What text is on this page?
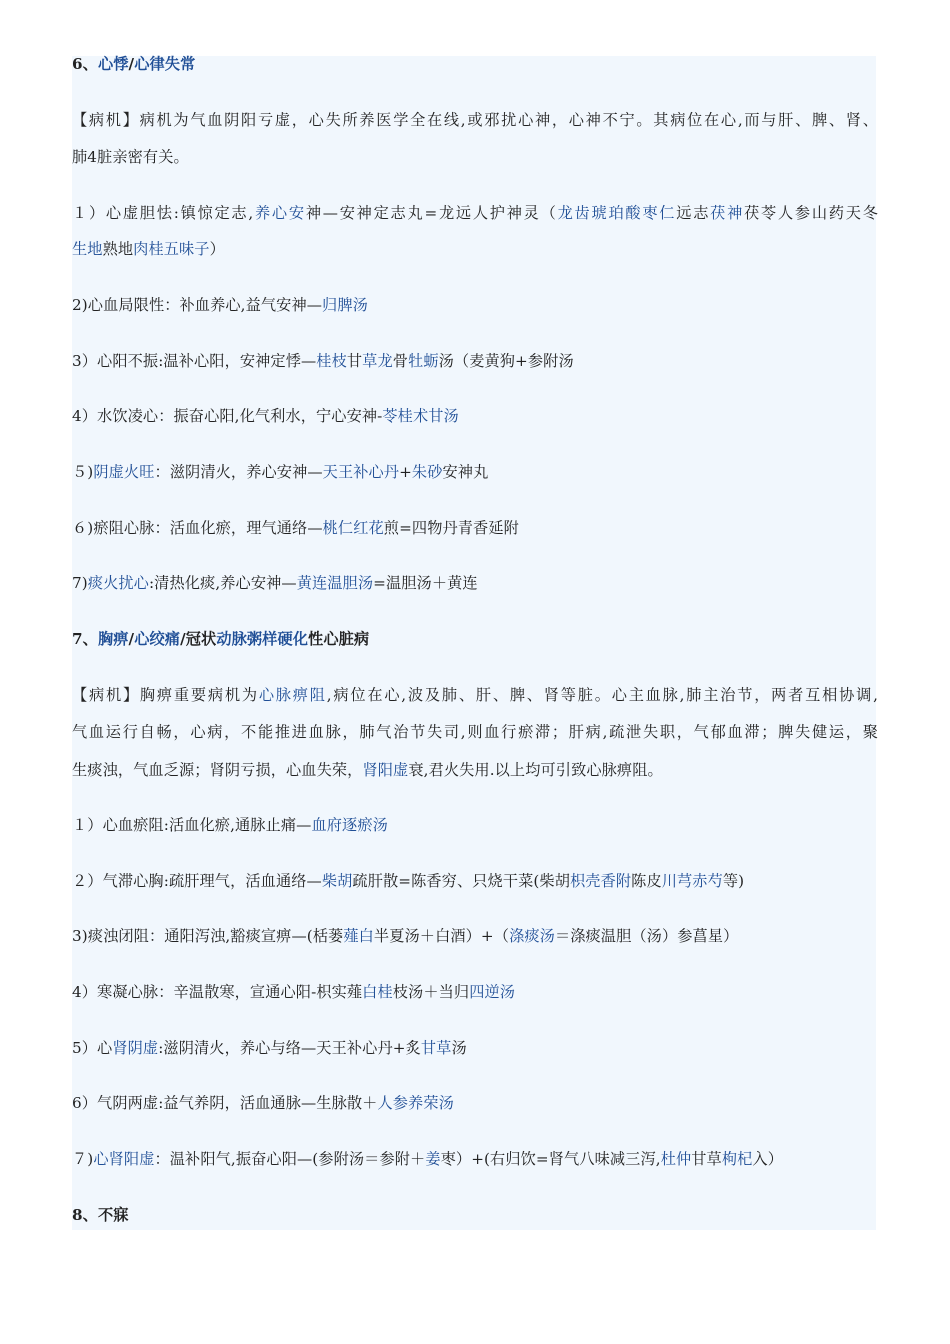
6、心悸/心律失常
【病机】病机为气血阴阳亏虚，心失所养医学全在线,或邪扰心神，心神不宁。其病位在心,而与肝、脾、肾、
肺4脏亲密有关。
１）心虚胆怯:镇惊定志,养心安神—安神定志丸=龙远人护神灵（龙齿琥珀酸枣仁远志茯神茯苓人参山药天冬
生地熟地肉桂五味子）
2)心血局限性：补血养心,益气安神—归脾汤
3）心阳不振:温补心阳，安神定悸—桂枝甘草龙骨牡蛎汤（麦黄狗+参附汤
4）水饮凌心：振奋心阳,化气利水，宁心安神-苓桂术甘汤
５)阴虚火旺：滋阴清火，养心安神—天王补心丹+朱砂安神丸
６)瘀阻心脉：活血化瘀，理气通络—桃仁红花煎=四物丹青香延附
7)痰火扰心:清热化痰,养心安神—黄连温胆汤=温胆汤＋黄连
7、胸痹/心绞痛/冠状动脉粥样硬化性心脏病
【病机】胸痹重要病机为心脉痹阻,病位在心,波及肺、肝、脾、肾等脏。心主血脉,肺主治节，两者互相协调,
气血运行自畅，心病，不能推进血脉，肺气治节失司,则血行瘀滞；肝病,疏泄失职，气郁血滞；脾失健运，聚
生痰浊，气血乏源；肾阴亏损，心血失荣，肾阳虚衰,君火失用.以上均可引致心脉痹阻。
１）心血瘀阻:活血化瘀,通脉止痛—血府逐瘀汤
２）气滞心胸:疏肝理气，活血通络—柴胡疏肝散=陈香穷、只烧干菜(柴胡枳壳香附陈皮川芎赤芍等)
3)痰浊闭阻：通阳泻浊,豁痰宣痹—(栝蒌薤白半夏汤＋白酒）+（涤痰汤＝涤痰温胆（汤）参菖星）
4）寒凝心脉：辛温散寒，宣通心阳-枳实薤白桂枝汤＋当归四逆汤
5）心肾阴虚:滋阴清火，养心与络—天王补心丹+炙甘草汤
6）气阴两虚:益气养阴，活血通脉—生脉散＋人参养荣汤
７)心肾阳虚：温补阳气,振奋心阳—(参附汤＝参附＋姜枣）+(右归饮=肾气八味减三泻,杜仲甘草枸杞入）
8、不寐
